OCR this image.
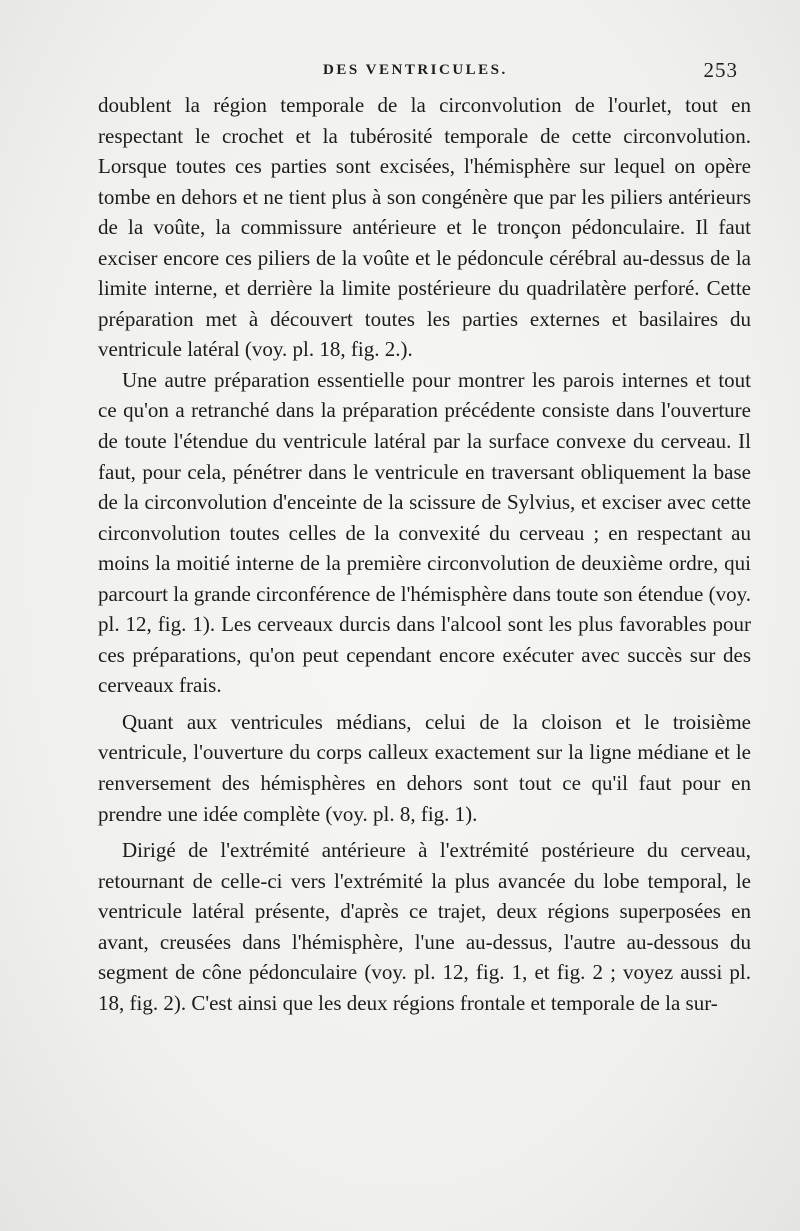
DES VENTRICULES.	253

doublent la région temporale de la circonvolution de l'ourlet, tout en respectant le crochet et la tubérosité temporale de cette circonvolution. Lorsque toutes ces parties sont excisées, l'hémisphère sur lequel on opère tombe en dehors et ne tient plus à son congénère que par les piliers antérieurs de la voûte, la commissure antérieure et le tronçon pédonculaire. Il faut exciser encore ces piliers de la voûte et le pédoncule cérébral au-dessus de la limite interne, et derrière la limite postérieure du quadrilatère perforé. Cette préparation met à découvert toutes les parties externes et basilaires du ventricule latéral (voy. pl. 18, fig. 2.).

Une autre préparation essentielle pour montrer les parois internes et tout ce qu'on a retranché dans la préparation précédente consiste dans l'ouverture de toute l'étendue du ventricule latéral par la surface convexe du cerveau. Il faut, pour cela, pénétrer dans le ventricule en traversant obliquement la base de la circonvolution d'enceinte de la scissure de Sylvius, et exciser avec cette circonvolution toutes celles de la convexité du cerveau ; en respectant au moins la moitié interne de la première circonvolution de deuxième ordre, qui parcourt la grande circonférence de l'hémisphère dans toute son étendue (voy. pl. 12, fig. 1). Les cerveaux durcis dans l'alcool sont les plus favorables pour ces préparations, qu'on peut cependant encore exécuter avec succès sur des cerveaux frais.

Quant aux ventricules médians, celui de la cloison et le troisième ventricule, l'ouverture du corps calleux exactement sur la ligne médiane et le renversement des hémisphères en dehors sont tout ce qu'il faut pour en prendre une idée complète (voy. pl. 8, fig. 1).

Dirigé de l'extrémité antérieure à l'extrémité postérieure du cerveau, retournant de celle-ci vers l'extrémité la plus avancée du lobe temporal, le ventricule latéral présente, d'après ce trajet, deux régions superposées en avant, creusées dans l'hémisphère, l'une au-dessus, l'autre au-dessous du segment de cône pédonculaire (voy. pl. 12, fig. 1, et fig. 2 ; voyez aussi pl. 18, fig. 2). C'est ainsi que les deux régions frontale et temporale de la sur-
